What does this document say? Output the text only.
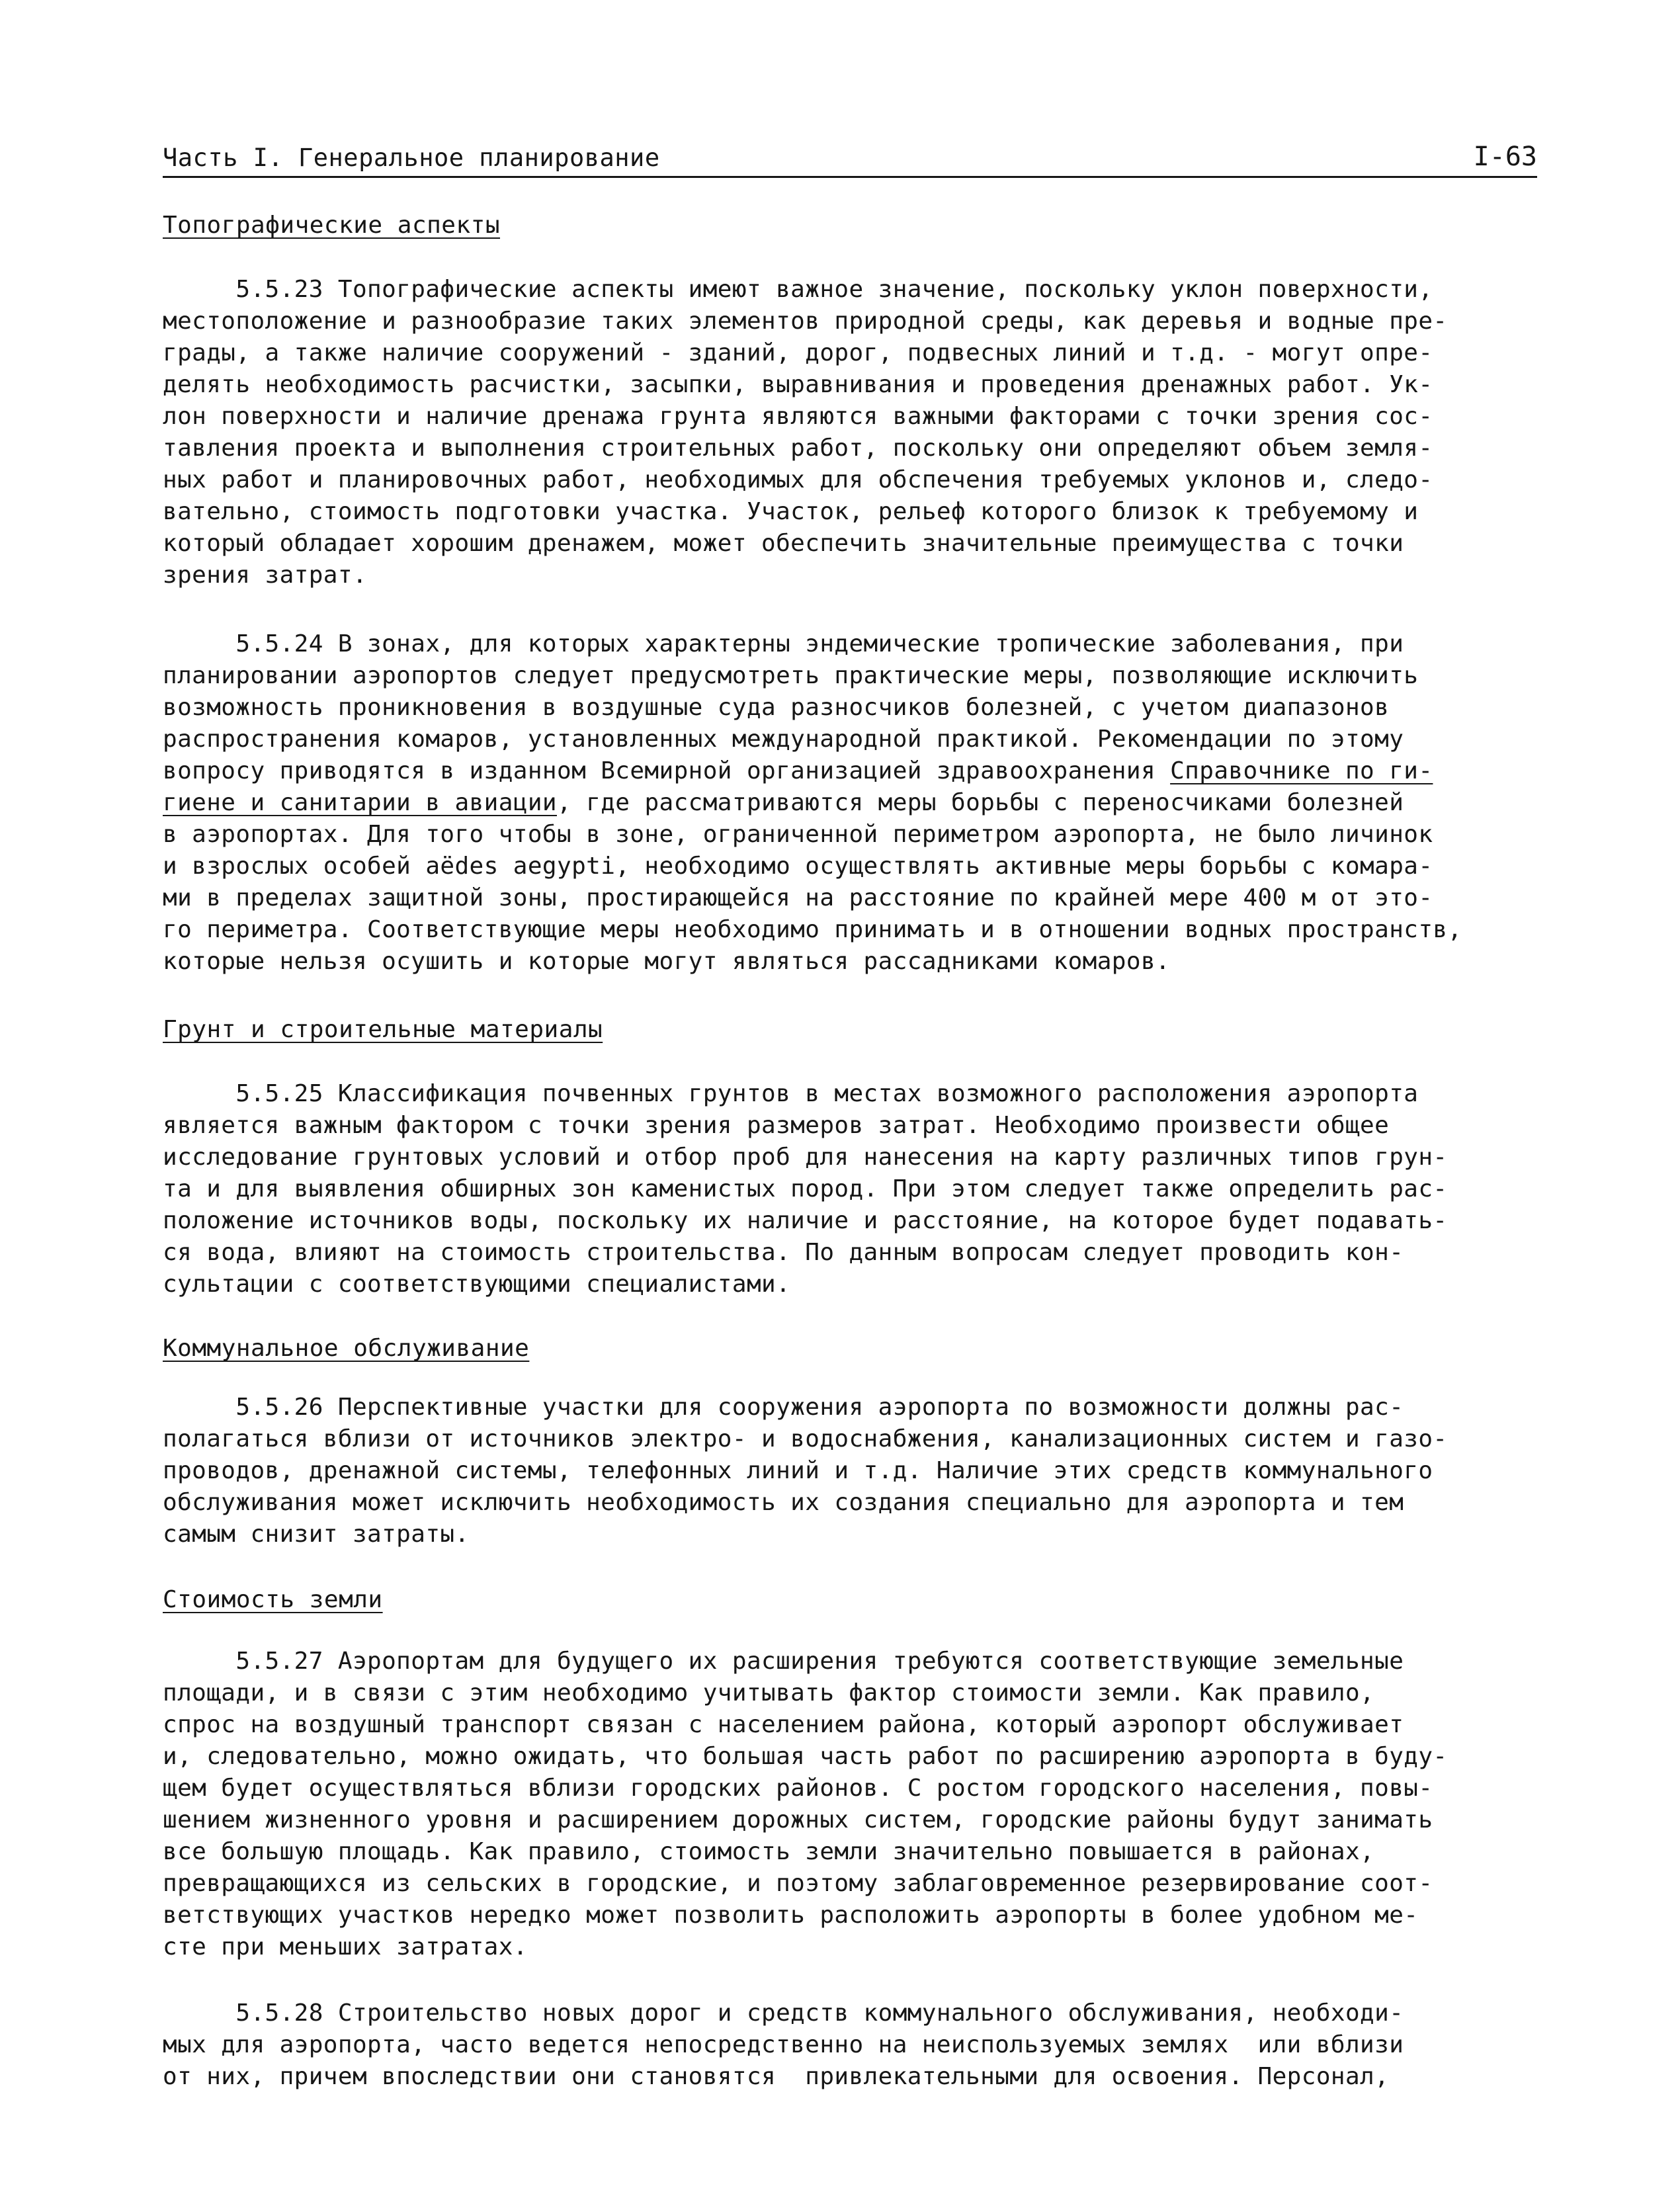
Часть I. Генеральное планирование	I-63
Топографические аспекты
5.5.23 Топографические аспекты имеют важное значение, поскольку уклон поверхности,
местоположение и разнообразие таких элементов природной среды, как деревья и водные пре-
грады, а также наличие сооружений - зданий, дорог, подвесных линий и т.д. - могут опре-
делять необходимость расчистки, засыпки, выравнивания и проведения дренажных работ. Ук-
лон поверхности и наличие дренажа грунта являются важными факторами с точки зрения сос-
тавления проекта и выполнения строительных работ, поскольку они определяют объем земля-
ных работ и планировочных работ, необходимых для обспечения требуемых уклонов и, следо-
вательно, стоимость подготовки участка. Участок, рельеф которого близок к требуемому и
который обладает хорошим дренажем, может обеспечить значительные преимущества с точки
зрения затрат.
5.5.24 В зонах, для которых характерны эндемические тропические заболевания, при
планировании аэропортов следует предусмотреть практические меры, позволяющие исключить
возможность проникновения в воздушные суда разносчиков болезней, с учетом диапазонов
распространения комаров, установленных международной практикой. Рекомендации по этому
вопросу приводятся в изданном Всемирной организацией здравоохранения Справочнике по ги-
гиене и санитарии в авиации, где рассматриваются меры борьбы с переносчиками болезней
в аэропортах. Для того чтобы в зоне, ограниченной периметром аэропорта, не было личинок
и взрослых особей aëdes aegypti, необходимо осуществлять активные меры борьбы с комара-
ми в пределах защитной зоны, простирающейся на расстояние по крайней мере 400 м от это-
го периметра. Соответствующие меры необходимо принимать и в отношении водных пространств,
которые нельзя осушить и которые могут являться рассадниками комаров.
Грунт и строительные материалы
5.5.25 Классификация почвенных грунтов в местах возможного расположения аэропорта
является важным фактором с точки зрения размеров затрат. Необходимо произвести общее
исследование грунтовых условий и отбор проб для нанесения на карту различных типов грун-
та и для выявления обширных зон каменистых пород. При этом следует также определить рас-
положение источников воды, поскольку их наличие и расстояние, на которое будет подавать-
ся вода, влияют на стоимость строительства. По данным вопросам следует проводить кон-
сультации с соответствующими специалистами.
Коммунальное обслуживание
5.5.26 Перспективные участки для сооружения аэропорта по возможности должны рас-
полагаться вблизи от источников электро- и водоснабжения, канализационных систем и газо-
проводов, дренажной системы, телефонных линий и т.д. Наличие этих средств коммунального
обслуживания может исключить необходимость их создания специально для аэропорта и тем
самым снизит затраты.
Стоимость земли
5.5.27 Аэропортам для будущего их расширения требуются соответствующие земельные
площади, и в связи с этим необходимо учитывать фактор стоимости земли. Как правило,
спрос на воздушный транспорт связан с населением района, который аэропорт обслуживает
и, следовательно, можно ожидать, что большая часть работ по расширению аэропорта в буду-
щем будет осуществляться вблизи городских районов. С ростом городского населения, повы-
шением жизненного уровня и расширением дорожных систем, городские районы будут занимать
все большую площадь. Как правило, стоимость земли значительно повышается в районах,
превращающихся из сельских в городские, и поэтому заблаговременное резервирование соот-
ветствующих участков нередко может позволить расположить аэропорты в более удобном ме-
сте при меньших затратах.
5.5.28 Строительство новых дорог и средств коммунального обслуживания, необходи-
мых для аэропорта, часто ведется непосредственно на неиспользуемых землях  или вблизи
от них, причем впоследствии они становятся  привлекательными для освоения. Персонал,
